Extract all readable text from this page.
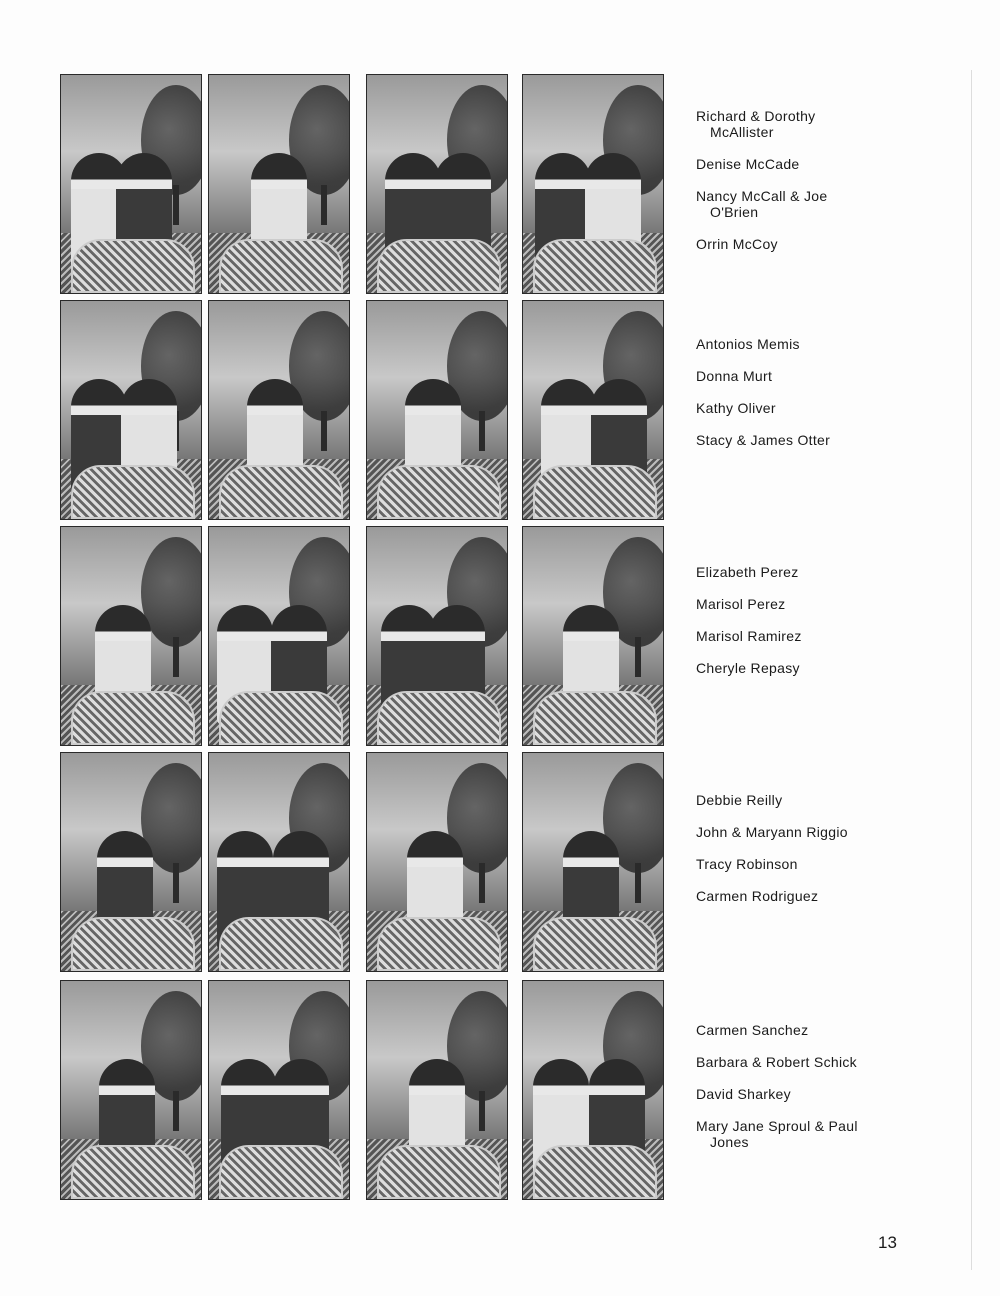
Richard & Dorothy
McAllister
Denise McCade
Nancy McCall & Joe
O'Brien
Orrin McCoy
Antonios Memis
Donna Murt
Kathy Oliver
Stacy & James Otter
Elizabeth Perez
Marisol Perez
Marisol Ramirez
Cheryle Repasy
Debbie Reilly
John & Maryann Riggio
Tracy Robinson
Carmen Rodriguez
Carmen Sanchez
Barbara & Robert Schick
David Sharkey
Mary Jane Sproul & Paul
Jones
13
